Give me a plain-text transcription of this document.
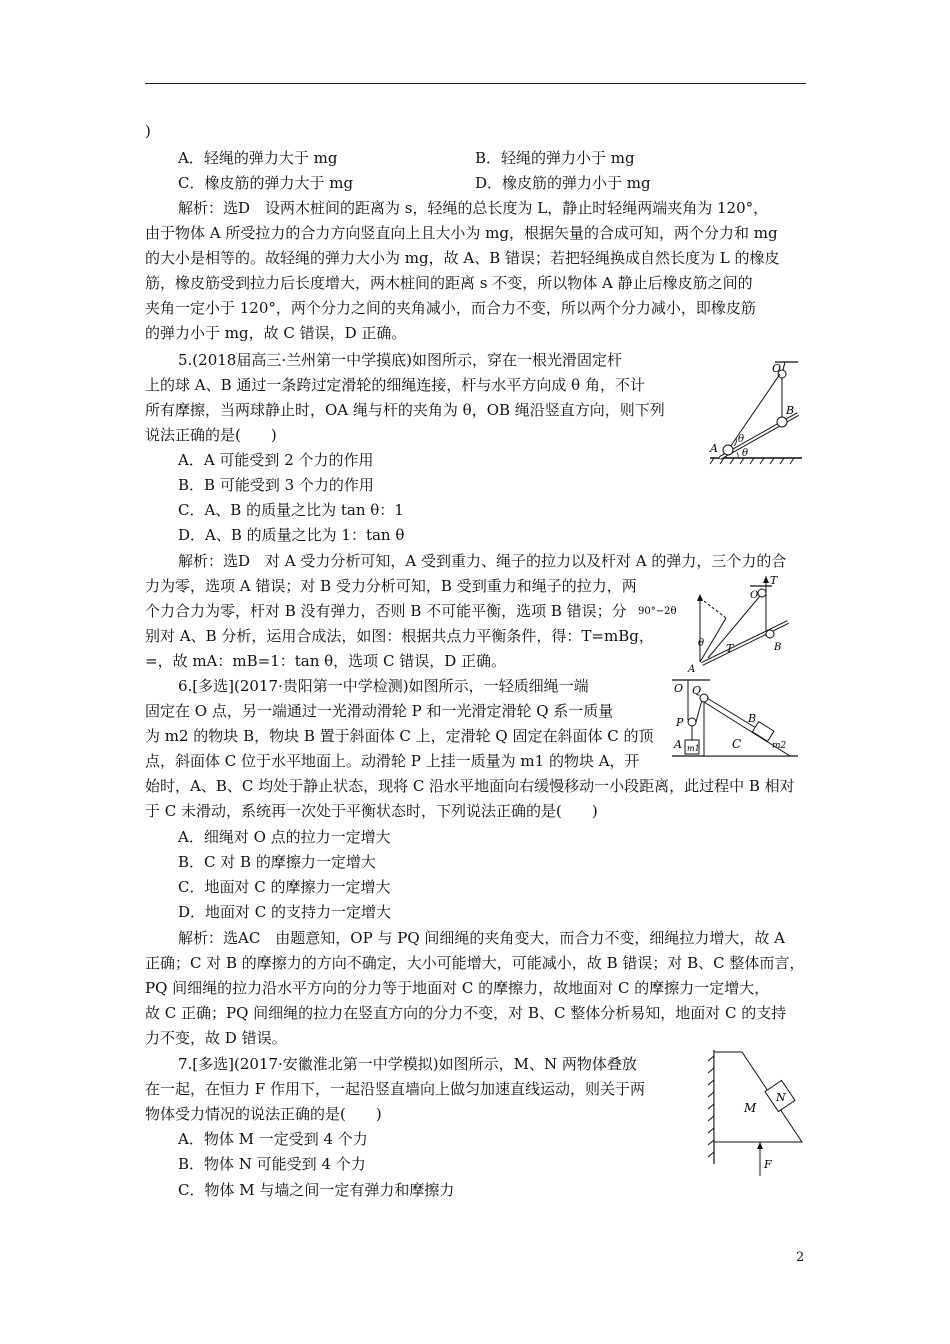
)
A．轻绳的弹力大于 mg	B．轻绳的弹力小于 mg
C．橡皮筋的弹力大于 mg	D．橡皮筋的弹力小于 mg
解析：选D　设两木桩间的距离为 s，轻绳的总长度为 L，静止时轻绳两端夹角为 120°，
由于物体 A 所受拉力的合力方向竖直向上且大小为 mg，根据矢量的合成可知，两个分力和 mg
的大小是相等的。故轻绳的弹力大小为 mg，故 A、B 错误；若把轻绳换成自然长度为 L 的橡皮
筋，橡皮筋受到拉力后长度增大，两木桩间的距离 s 不变，所以物体 A 静止后橡皮筋之间的
夹角一定小于 120°，两个分力之间的夹角减小，而合力不变，所以两个分力减小，即橡皮筋
的弹力小于 mg，故 C 错误，D 正确。
5.(2018届高三·兰州第一中学摸底)如图所示，穿在一根光滑固定杆
上的球 A、B 通过一条跨过定滑轮的细绳连接，杆与水平方向成 θ 角，不计
所有摩擦，当两球静止时，OA 绳与杆的夹角为 θ，OB 绳沿竖直方向，则下列
说法正确的是(　　)
A．A 可能受到 2 个力的作用
B．B 可能受到 3 个力的作用
C．A、B 的质量之比为 tan θ：1
D．A、B 的质量之比为 1：tan θ
解析：选D　对 A 受力分析可知，A 受到重力、绳子的拉力以及杆对 A 的弹力，三个力的合
力为零，选项 A 错误；对 B 受力分析可知，B 受到重力和绳子的拉力，两
个力合力为零，杆对 B 没有弹力，否则 B 不可能平衡，选项 B 错误；分
别对 A、B 分析，运用合成法，如图：根据共点力平衡条件，得：T=mBg，
=，故 mA：mB=1：tan θ，选项 C 错误，D 正确。
O
A
B
θ
θ
T
O
90°−2θ
θ T	B
A
6.[多选](2017·贵阳第一中学检测)如图所示，一轻质细绳一端
固定在 O 点，另一端通过一光滑动滑轮 P 和一光滑定滑轮 Q 系一质量
为 m2 的物块 B，物块 B 置于斜面体 C 上，定滑轮 Q 固定在斜面体 C 的顶
点，斜面体 C 位于水平地面上。动滑轮 P 上挂一质量为 m1 的物块 A，开
始时，A、B、C 均处于静止状态，现将 C 沿水平地面向右缓慢移动一小段距离，此过程中 B 相对
于 C 未滑动，系统再一次处于平衡状态时，下列说法正确的是(　　)
A．细绳对 O 点的拉力一定增大
B．C 对 B 的摩擦力一定增大
C．地面对 C 的摩擦力一定增大
D．地面对 C 的支持力一定增大
解析：选AC　由题意知，OP 与 PQ 间细绳的夹角变大，而合力不变，细绳拉力增大，故 A
正确；C 对 B 的摩擦力的方向不确定，大小可能增大，可能减小，故 B 错误；对 B、C 整体而言，
PQ 间细绳的拉力沿水平方向的分力等于地面对 C 的摩擦力，故地面对 C 的摩擦力一定增大，
故 C 正确；PQ 间细绳的拉力在竖直方向的分力不变，对 B、C 整体分析易知，地面对 C 的支持
力不变，故 D 错误。
O Q
P
A m1
B
m2
C
7.[多选](2017·安徽淮北第一中学模拟)如图所示，M、N 两物体叠放
在一起，在恒力 F 作用下，一起沿竖直墙向上做匀加速直线运动，则关于两
物体受力情况的说法正确的是(　　)
A．物体 M 一定受到 4 个力
B．物体 N 可能受到 4 个力
C．物体 M 与墙之间一定有弹力和摩擦力
M
N
F
2
